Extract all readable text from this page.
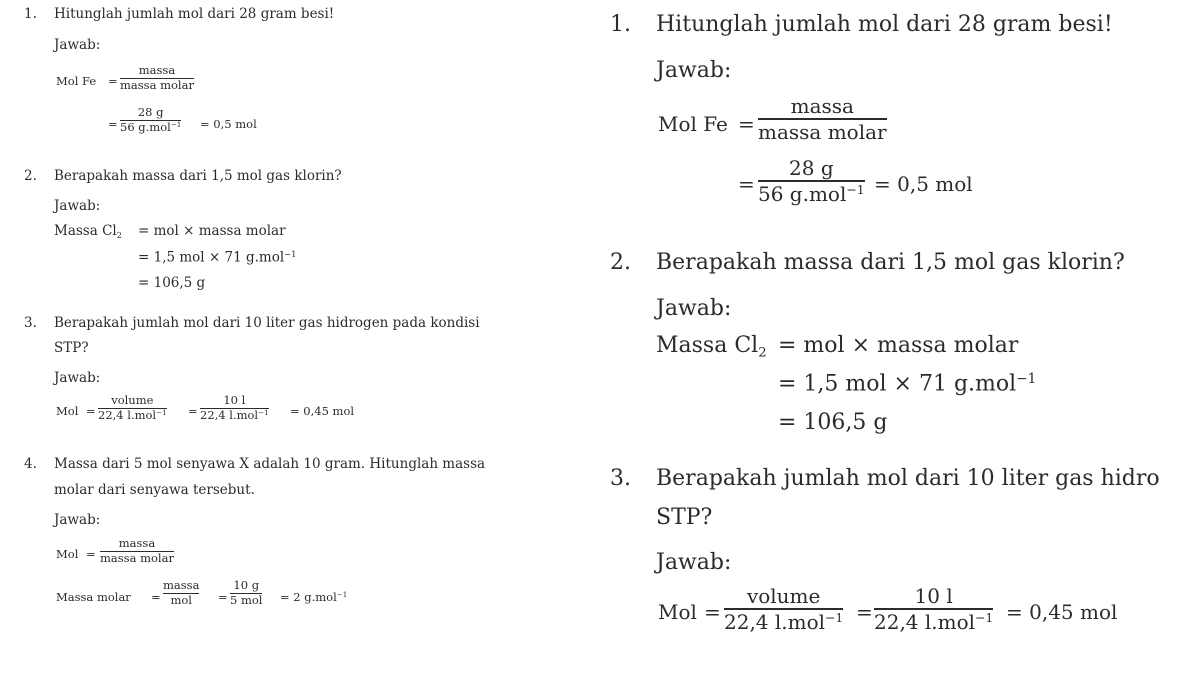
1. Hitunglah jumlah mol dari 28 gram besi!
Jawab:
Mol Fe =
massa
massa molar
=
28 g
56 g.mol$^{-1}$ = 0,5 mol
2. Berapakah massa dari 1,5 mol gas klorin?
Jawab:
Massa $Cl_2$ = mol × massa molar
= 1,5 mol × 71 g.mol$^{-1}$
= 106,5 g
3. Berapakah jumlah mol dari 10 liter gas hidrogen pada kondisi
STP?
Jawab:
Mol =
volume
22,4 l.mol$^{-1}$ =
10 l
22,4 l.mol$^{-1}$ = 0,45 mol
4. Massa dari 5 mol senyawa X adalah 10 gram. Hitunglah massa
molar dari senyawa tersebut.
Jawab:
Mol =
massa
massa molar
Massa molar =
massa
mol =
10 g
5 mol = 2 g.mol$^{-1}$
1. Hitunglah jumlah mol dari 28 gram besi!
Jawab:
Mol Fe =
massa
massa molar
=
28 g
56 g.mol$^{-1}$ = 0,5 mol
2. Berapakah massa dari 1,5 mol gas klorin?
Jawab:
Massa $Cl_2$ = mol × massa molar
= 1,5 mol × 71 g.mol$^{-1}$
= 106,5 g
3. Berapakah jumlah mol dari 10 liter gas hidro
STP?
Jawab:
Mol =
volume
22,4 l.mol$^{-1}$ =
10 l
22,4 l.mol$^{-1}$ = 0,45 mol
